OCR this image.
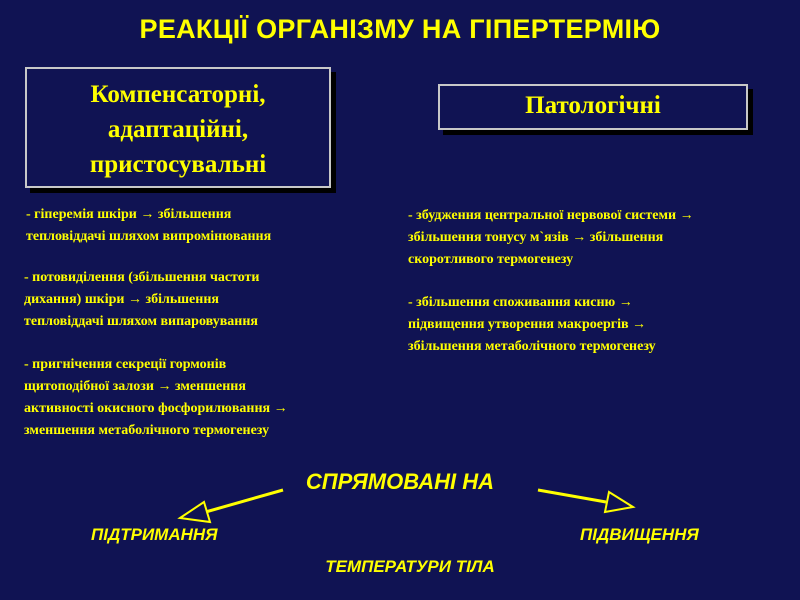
РЕАКЦІЇ ОРГАНІЗМУ НА ГІПЕРТЕРМІЮ
Компенсаторні,
адаптаційні,
пристосувальні
Патологічні
- гіперемія шкіри → збільшення
тепловіддачі шляхом випромінювання
- потовиділення (збільшення частоти
дихання) шкіри → збільшення
тепловіддачі шляхом випаровування
- пригнічення секреції гормонів
щитоподібної залози → зменшення
активності окисного фосфорилювання →
зменшення метаболічного термогенезу
- збудження центральної нервової системи →
збільшення тонусу м`язів → збільшення
скоротливого термогенезу
- збільшення споживання кисню →
підвищення утворення макроергів →
збільшення метаболічного термогенезу
СПРЯМОВАНІ НА
ПІДТРИМАННЯ	ПІДВИЩЕННЯ
ТЕМПЕРАТУРИ ТІЛА
